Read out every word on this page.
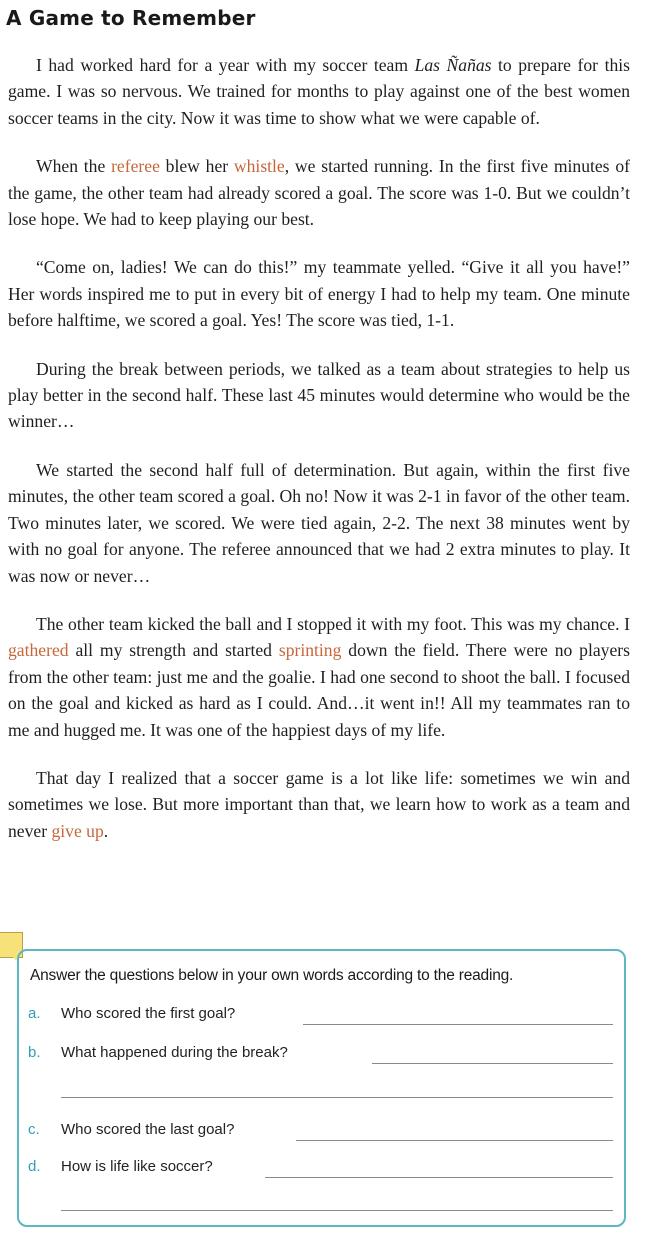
A Game to Remember

I had worked hard for a year with my soccer team Las Ñañas to prepare for this game. I was so nervous. We trained for months to play against one of the best women soccer teams in the city. Now it was time to show what we were capable of.

When the referee blew her whistle, we started running. In the first five minutes of the game, the other team had already scored a goal. The score was 1-0. But we couldn’t lose hope. We had to keep playing our best.

“Come on, ladies! We can do this!” my teammate yelled. “Give it all you have!” Her words inspired me to put in every bit of energy I had to help my team. One minute before halftime, we scored a goal. Yes! The score was tied, 1-1.

During the break between periods, we talked as a team about strategies to help us play better in the second half. These last 45 minutes would determine who would be the winner…

We started the second half full of determination. But again, within the first five minutes, the other team scored a goal. Oh no! Now it was 2-1 in favor of the other team. Two minutes later, we scored. We were tied again, 2-2. The next 38 minutes went by with no goal for anyone. The referee announced that we had 2 extra minutes to play. It was now or never…

The other team kicked the ball and I stopped it with my foot. This was my chance. I gathered all my strength and started sprinting down the field. There were no players from the other team: just me and the goalie. I had one second to shoot the ball. I focused on the goal and kicked as hard as I could. And…it went in!! All my teammates ran to me and hugged me. It was one of the happiest days of my life.

That day I realized that a soccer game is a lot like life: sometimes we win and sometimes we lose. But more important than that, we learn how to work as a team and never give up.

Answer the questions below in your own words according to the reading.

a. Who scored the first goal?
b. What happened during the break?
c. Who scored the last goal?
d. How is life like soccer?
